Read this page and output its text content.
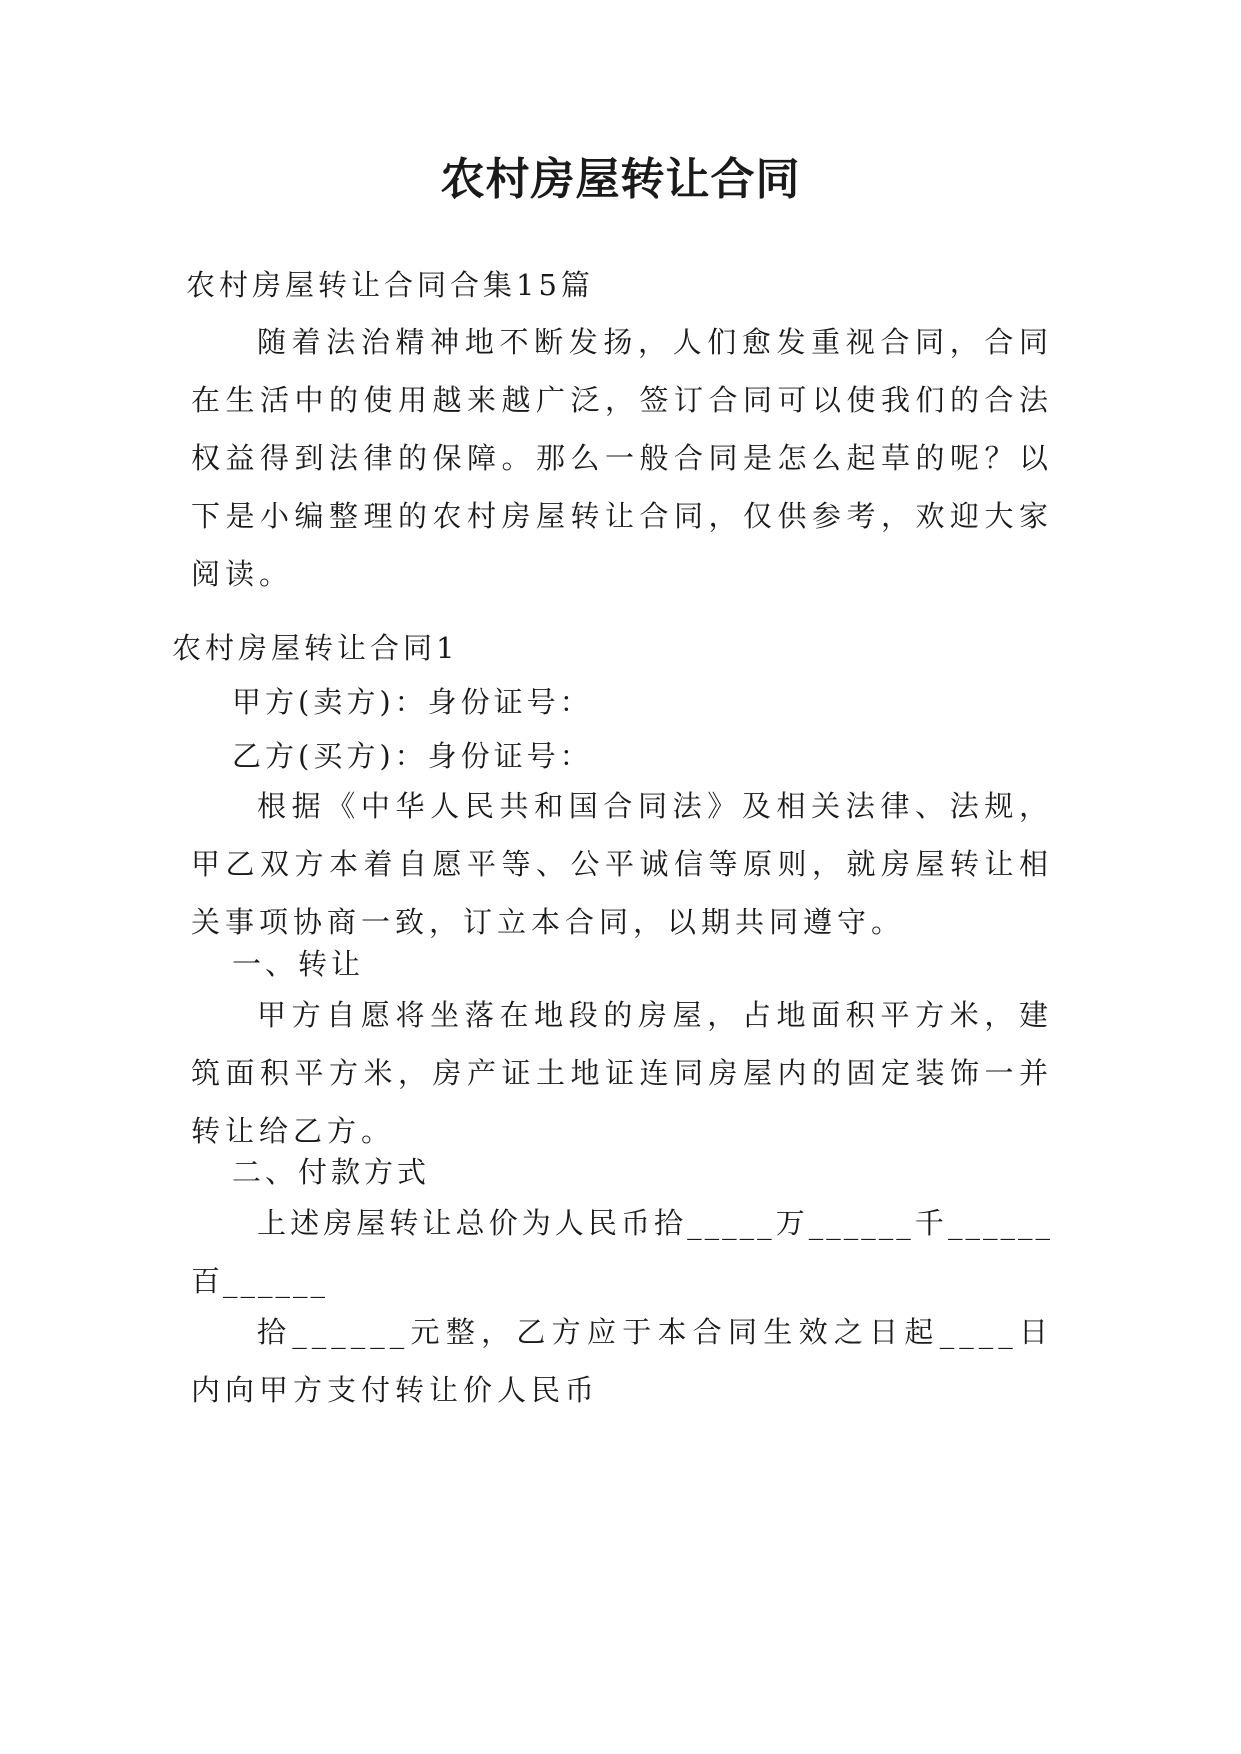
农村房屋转让合同

农村房屋转让合同合集15篇

随着法治精神地不断发扬，人们愈发重视合同，合同在生活中的使用越来越广泛，签订合同可以使我们的合法权益得到法律的保障。那么一般合同是怎么起草的呢？以下是小编整理的农村房屋转让合同，仅供参考，欢迎大家阅读。

农村房屋转让合同1

甲方(卖方)：身份证号：

乙方(买方)：身份证号：

根据《中华人民共和国合同法》及相关法律、法规，甲乙双方本着自愿平等、公平诚信等原则，就房屋转让相关事项协商一致，订立本合同，以期共同遵守。

一、转让

甲方自愿将坐落在地段的房屋，占地面积平方米，建筑面积平方米，房产证土地证连同房屋内的固定装饰一并转让给乙方。

二、付款方式

上述房屋转让总价为人民币拾_____万______千______百______

拾______元整，乙方应于本合同生效之日起____日内向甲方支付转让价人民币
